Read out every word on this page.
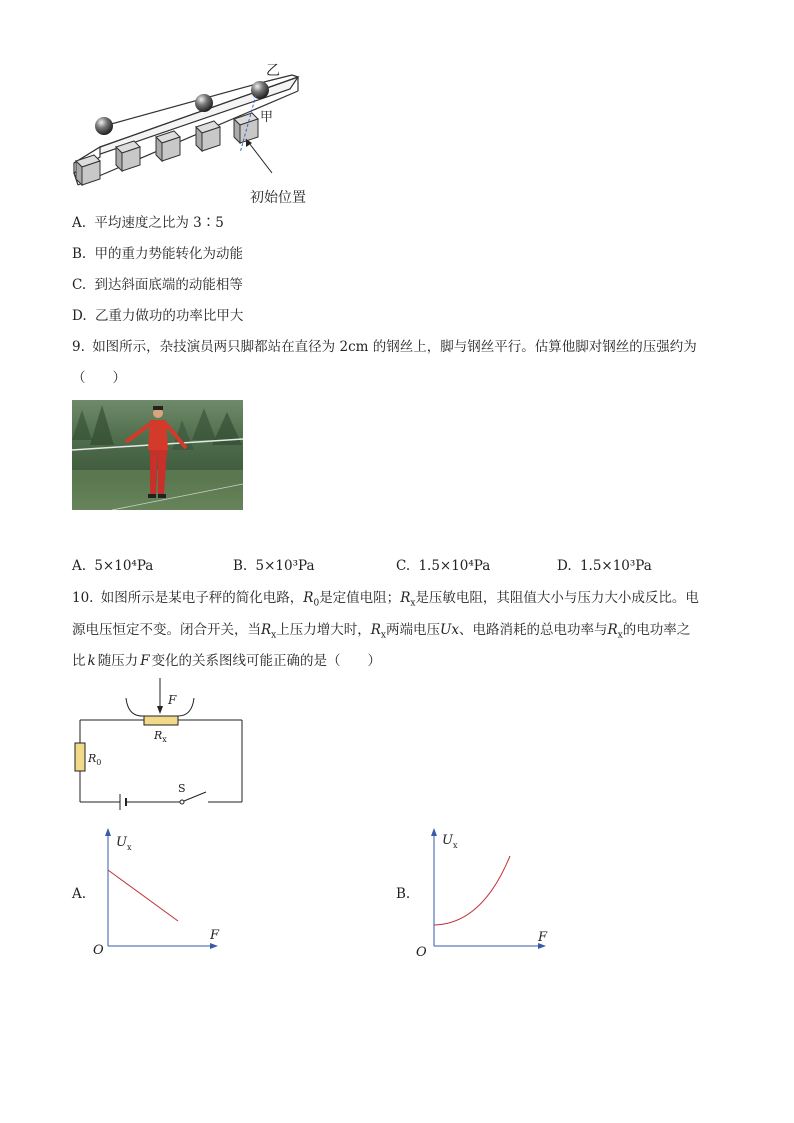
乙
甲
初始位置
A. 平均速度之比为 3∶5
B. 甲的重力势能转化为动能
C. 到达斜面底端的动能相等
D. 乙重力做功的功率比甲大
9. 如图所示，杂技演员两只脚都站在直径为 2cm 的钢丝上，脚与钢丝平行。估算他脚对钢丝的压强约为
（　　）
A. 5×10⁴Pa	B. 5×10³Pa	C. 1.5×10⁴Pa	D. 1.5×10³Pa
10. 如图所示是某电子秤的简化电路，$R_0$是定值电阻；$R_x$是压敏电阻，其阻值大小与压力大小成反比。电
源电压恒定不变。闭合开关，当$R_x$上压力增大时，$R_x$两端电压Ux、电路消耗的总电功率与$R_x$的电功率之
比 k 随压力 F 变化的关系图线可能正确的是（　　）
F
$R_x$
$R_0$
S
A.
$U_x$
F
O
B.
$U_x$
F
O
